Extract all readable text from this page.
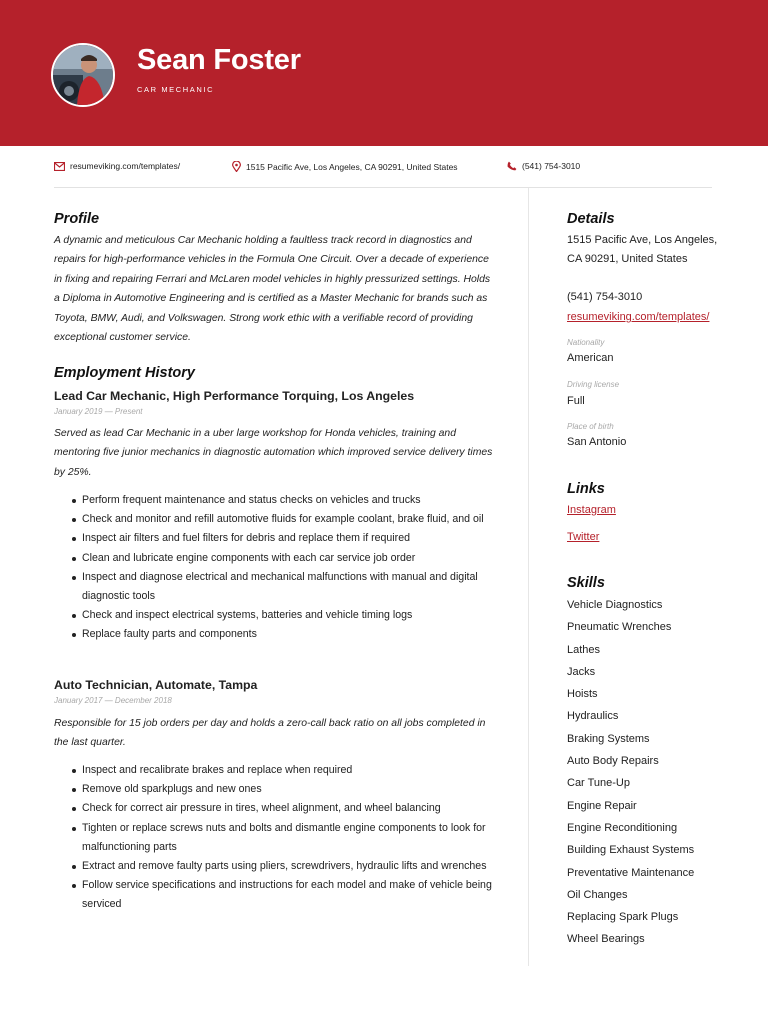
Sean Foster
CAR MECHANIC
resumeviking.com/templates/	1515 Pacific Ave, Los Angeles, CA 90291, United States	(541) 754-3010
Profile

A dynamic and meticulous Car Mechanic holding a faultless track record in diagnostics and repairs for high-performance vehicles in the Formula One Circuit. Over a decade of experience in fixing and repairing Ferrari and McLaren model vehicles in highly pressurized settings. Holds a Diploma in Automotive Engineering and is certified as a Master Mechanic for brands such as Toyota, BMW, Audi, and Volkswagen. Strong work ethic with a verifiable record of providing exceptional customer service.

Employment History
Lead Car Mechanic, High Performance Torquing, Los Angeles
January 2019 — Present

Served as lead Car Mechanic in a uber large workshop for Honda vehicles, training and mentoring five junior mechanics in diagnostic automation which improved service delivery times by 25%.

Perform frequent maintenance and status checks on vehicles and trucks
Check and monitor and refill automotive fluids for example coolant, brake fluid, and oil
Inspect air filters and fuel filters for debris and replace them if required
Clean and lubricate engine components with each car service job order
Inspect and diagnose electrical and mechanical malfunctions with manual and digital diagnostic tools
Check and inspect electrical systems, batteries and vehicle timing logs
Replace faulty parts and components
Auto Technician, Automate, Tampa
January 2017 — December 2018

Responsible for 15 job orders per day and holds a zero-call back ratio on all jobs completed in the last quarter.

Inspect and recalibrate brakes and replace when required
Remove old sparkplugs and new ones
Check for correct air pressure in tires, wheel alignment, and wheel balancing
Tighten or replace screws nuts and bolts and dismantle engine components to look for malfunctioning parts
Extract and remove faulty parts using pliers, screwdrivers, hydraulic lifts and wrenches
Follow service specifications and instructions for each model and make of vehicle being serviced
Details

1515 Pacific Ave, Los Angeles, CA 90291, United States

(541) 754-3010

resumeviking.com/templates/

Nationality

American

Driving license

Full

Place of birth

San Antonio

Links

Instagram

Twitter

Skills
Vehicle Diagnostics
Pneumatic Wrenches
Lathes
Jacks
Hoists
Hydraulics
Braking Systems
Auto Body Repairs
Car Tune-Up
Engine Repair
Engine Reconditioning
Building Exhaust Systems
Preventative Maintenance
Oil Changes
Replacing Spark Plugs
Wheel Bearings
